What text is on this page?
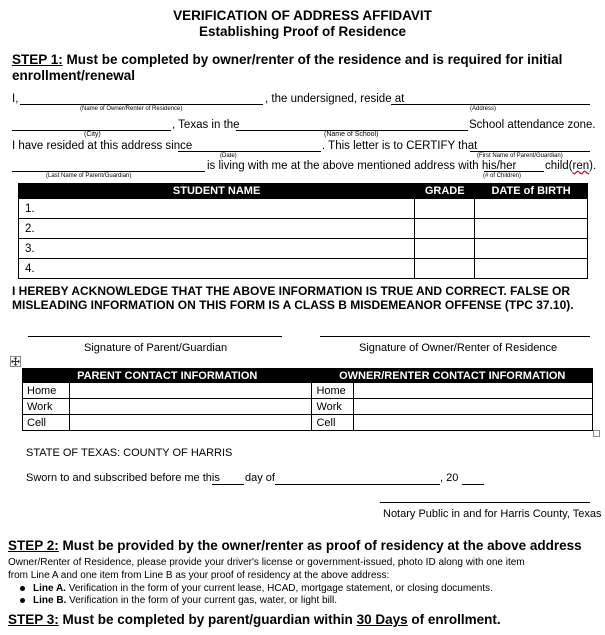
VERIFICATION OF ADDRESS AFFIDAVIT
Establishing Proof of Residence
STEP 1: Must be completed by owner/renter of the residence and is required for initial
enrollment/renewal
I,	, the undersigned, reside at
(Name of Owner/Renter of Residence)	(Address)
, Texas in the	School attendance zone.
(City)	(Name of School)
I have resided at this address since	. This letter is to CERTIFY that
(Date)	(First Name of Parent/Guardian)
is living with me at the above mentioned address with his/her child(ren).
(Last Name of Parent/Guardian)	(# of Children)
STUDENT NAME	GRADE	DATE of BIRTH
1.		
2.		
3.		
4.		
I HEREBY ACKNOWLEDGE THAT THE ABOVE INFORMATION IS TRUE AND CORRECT. FALSE OR
MISLEADING INFORMATION ON THIS FORM IS A CLASS B MISDEMEANOR OFFENSE (TPC 37.10).
Signature of Parent/Guardian	Signature of Owner/Renter of Residence
PARENT CONTACT INFORMATION		OWNER/RENTER CONTACT INFORMATION	
Home		Home	
Work		Work	
Cell		Cell	
STATE OF TEXAS: COUNTY OF HARRIS
Sworn to and subscribed before me this day of	, 20
Notary Public in and for Harris County, Texas
STEP 2: Must be provided by the owner/renter as proof of residency at the above address
Owner/Renter of Residence, please provide your driver's license or government-issued, photo ID along with one item
from Line A and one item from Line B as your proof of residency at the above address:
Line A. Verification in the form of your current lease, HCAD, mortgage statement, or closing documents.
Line B. Verification in the form of your current gas, water, or light bill.
STEP 3: Must be completed by parent/guardian within 30 Days of enrollment.
